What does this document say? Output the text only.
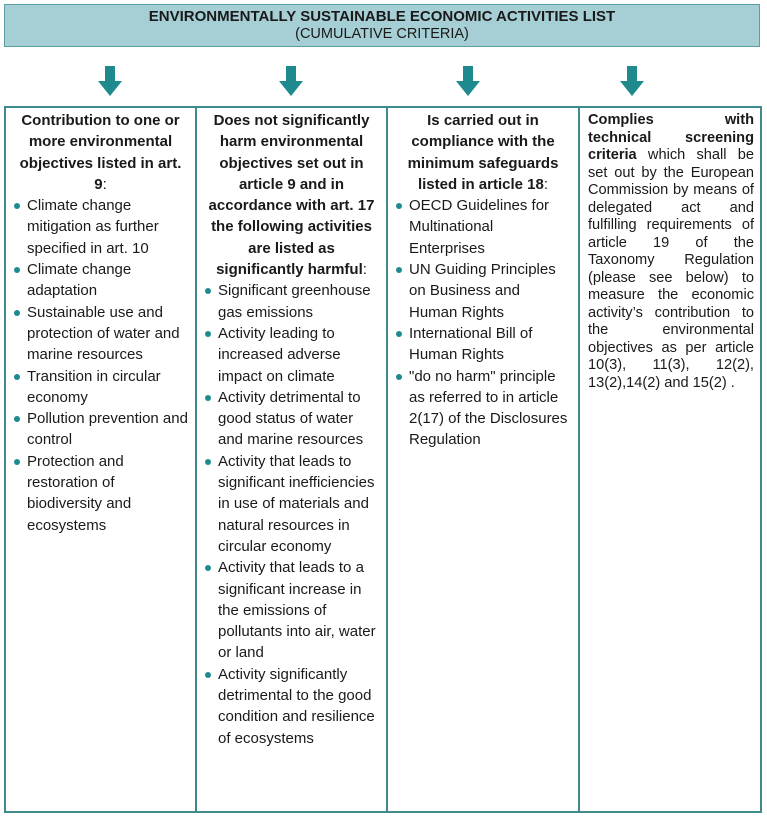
ENVIRONMENTALLY SUSTAINABLE ECONOMIC ACTIVITIES LIST
(CUMULATIVE CRITERIA)
Contribution to one or more environmental objectives listed in art. 9:
Climate change mitigation as further specified in art. 10
Climate change adaptation
Sustainable use and protection of water and marine resources
Transition in circular economy
Pollution prevention and control
Protection and restoration of biodiversity and ecosystems
Does not significantly harm environmental objectives set out in article 9 and in accordance with art. 17 the following activities are listed as significantly harmful:
Significant greenhouse gas emissions
Activity leading to increased adverse impact on climate
Activity detrimental to good status of water and marine resources
Activity that leads to significant inefficiencies in use of materials and natural resources in circular economy
Activity that leads to a significant increase in the emissions of pollutants into air, water or land
Activity significantly detrimental to the good condition and resilience of ecosystems
Is carried out in compliance with the minimum safeguards listed in article 18:
OECD Guidelines for Multinational Enterprises
UN Guiding Principles on Business and Human Rights
International Bill of Human Rights
"do no harm" principle as referred to in article 2(17) of the Disclosures Regulation
Complies with technical screening criteria which shall be set out by the European Commission by means of delegated act and fulfilling requirements of article 19 of the Taxonomy Regulation (please see below) to measure the economic activity’s contribution to the environmental objectives as per article 10(3), 11(3), 12(2), 13(2),14(2) and 15(2) .
